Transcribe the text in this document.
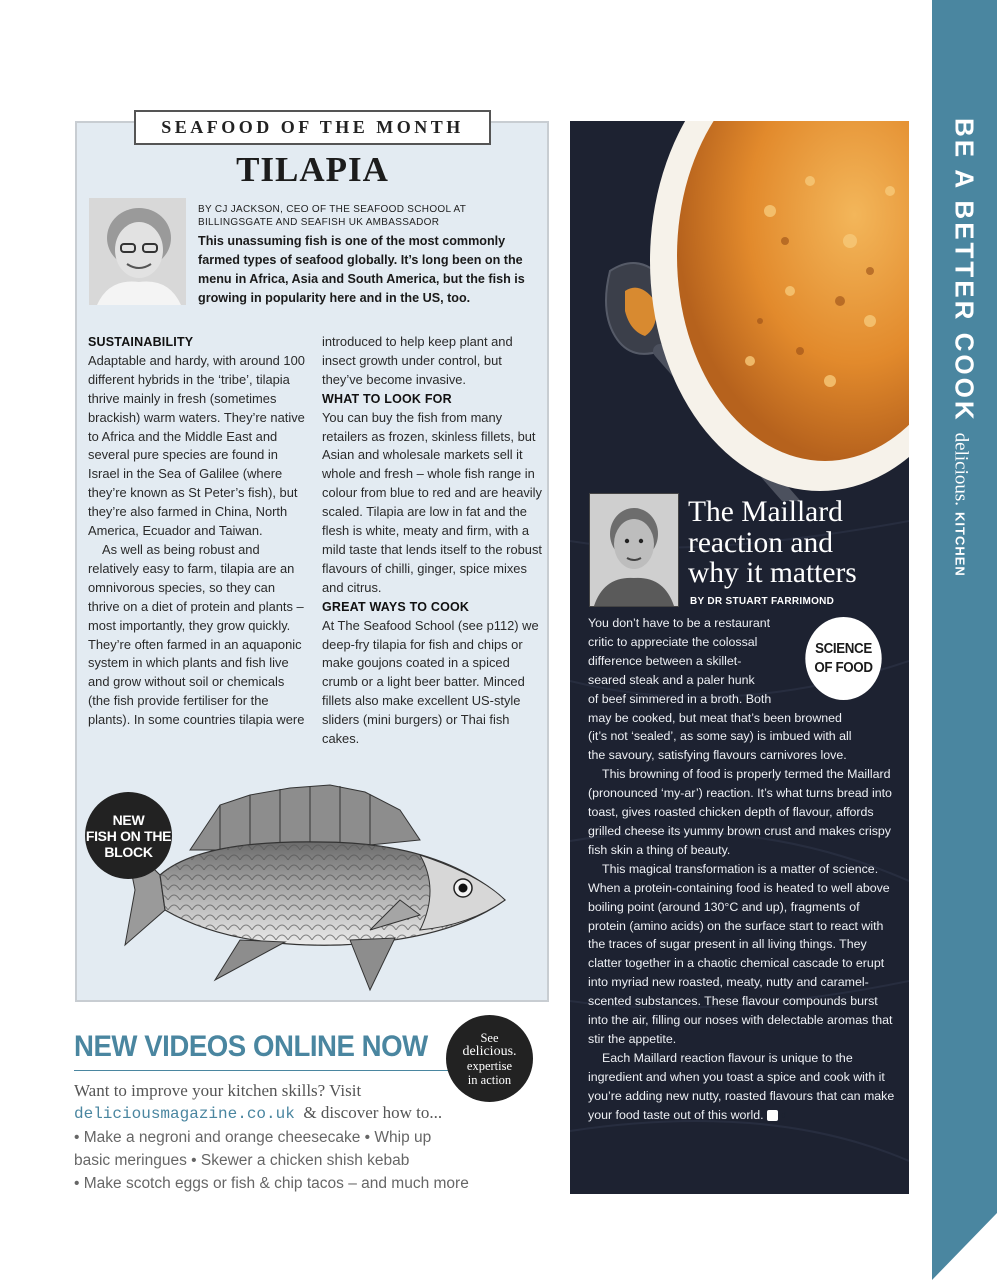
BE A BETTER COOKdelicious.KITCHEN
SEAFOOD OF THE MONTH
TILAPIA
BY CJ JACKSON, CEO OF THE SEAFOOD SCHOOL AT BILLINGSGATE AND SEAFISH UK AMBASSADOR
This unassuming fish is one of the most commonly farmed types of seafood globally. It’s long been on the menu in Africa, Asia and South America, but the fish is growing in popularity here and in the US, too.
SUSTAINABILITY

Adaptable and hardy, with around 100 different hybrids in the ‘tribe’, tilapia thrive mainly in fresh (sometimes brackish) warm waters. They’re native to Africa and the Middle East and several pure species are found in Israel in the Sea of Galilee (where they’re known as St Peter’s fish), but they’re also farmed in China, North America, Ecuador and Taiwan.

As well as being robust and relatively easy to farm, tilapia are an omnivorous species, so they can thrive on a diet of protein and plants – most importantly, they grow quickly. They’re often farmed in an aquaponic system in which plants and fish live and grow without soil or chemicals (the fish provide fertiliser for the plants). In some countries tilapia were

introduced to help keep plant and insect growth under control, but they’ve become invasive.

WHAT TO LOOK FOR

You can buy the fish from many retailers as frozen, skinless fillets, but Asian and wholesale markets sell it whole and fresh – whole fish range in colour from blue to red and are heavily scaled. Tilapia are low in fat and the flesh is white, meaty and firm, with a mild taste that lends itself to the robust flavours of chilli, ginger, spice mixes and citrus.

GREAT WAYS TO COOK

At The Seafood School (see p112) we deep-fry tilapia for fish and chips or make goujons coated in a spiced crumb or a light beer batter. Minced fillets also make excellent US-style sliders (mini burgers) or Thai fish cakes.

NEW
FISH ON THE
BLOCK
NEW VIDEOS ONLINE NOW	See
delicious.
expertise
in action
Want to improve your kitchen skills? Visit
deliciousmagazine.co.uk & discover how to...
• Make a negroni and orange cheesecake • Whip up
basic meringues • Skewer a chicken shish kebab
• Make scotch eggs or fish & chip tacos – and much more
The Maillard
reaction and
why it matters
BY DR STUART FARRIMOND
You don’t have to be a restaurant
critic to appreciate the colossal
difference between a skillet-
seared steak and a paler hunk
of beef simmered in a broth. Both
may be cooked, but meat that’s been browned
(it’s not ‘sealed’, as some say) is imbued with all
the savoury, satisfying flavours carnivores love.

This browning of food is properly termed the Maillard (pronounced ‘my-ar’) reaction. It’s what turns bread into toast, gives roasted chicken depth of flavour, affords grilled cheese its yummy brown crust and makes crispy fish skin a thing of beauty.

This magical transformation is a matter of science. When a protein-containing food is heated to well above boiling point (around 130°C and up), fragments of protein (amino acids) on the surface start to react with the traces of sugar present in all living things. They clatter together in a chaotic chemical cascade to erupt into myriad new roasted, meaty, nutty and caramel-scented substances. These flavour compounds burst into the air, filling our noses with delectable aromas that stir the appetite.

Each Maillard reaction flavour is unique to the ingredient and when you toast a spice and cook with it you’re adding new nutty, roasted flavours that can make your food taste out of this world. d

SCIENCE
OF FOOD
